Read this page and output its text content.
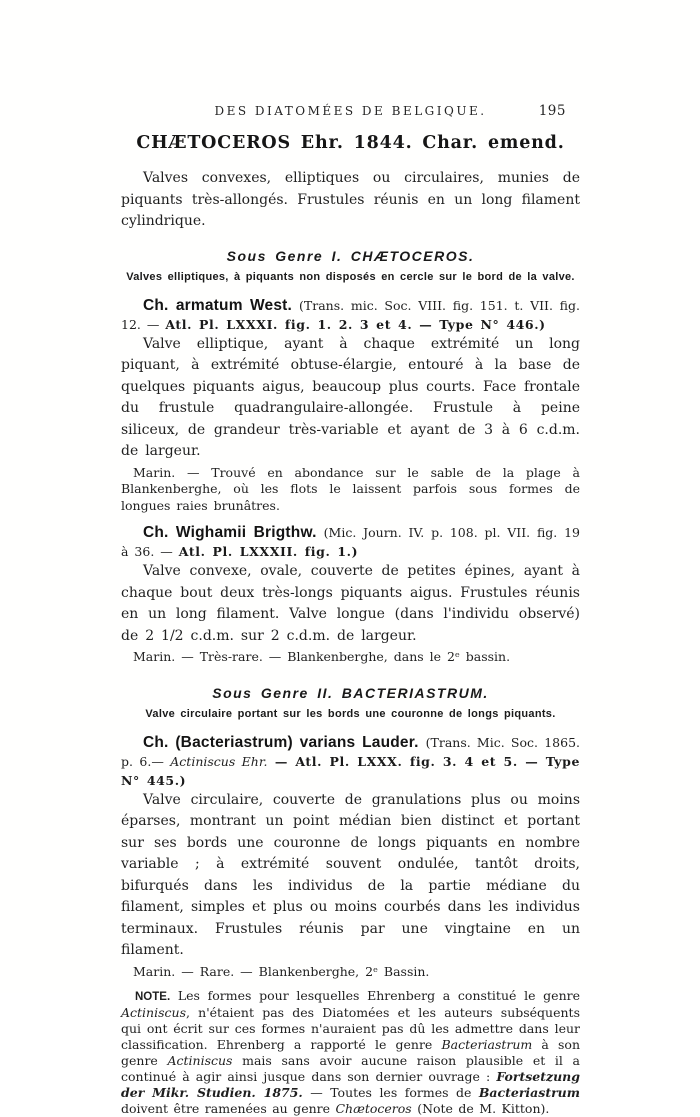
DES DIATOMÉES DE BELGIQUE.	195
CHÆTOCEROS Ehr. 1844. Char. emend.

Valves convexes, elliptiques ou circulaires, munies de piquants très-allongés. Frustules réunis en un long filament cylindrique.

Sous Genre I. CHÆTOCEROS.

Valves elliptiques, à piquants non disposés en cercle sur le bord de la valve.

Ch. armatum West. (Trans. mic. Soc. VIII. fig. 151. t. VII. fig. 12. — Atl. Pl. LXXXI. fig. 1. 2. 3 et 4. — Type N° 446.)

Valve elliptique, ayant à chaque extrémité un long piquant, à extrémité obtuse-élargie, entouré à la base de quelques piquants aigus, beaucoup plus courts. Face frontale du frustule quadrangulaire-allongée. Frustule à peine siliceux, de grandeur très-variable et ayant de 3 à 6 c.d.m. de largeur.

Marin. — Trouvé en abondance sur le sable de la plage à Blankenberghe, où les flots le laissent parfois sous formes de longues raies brunâtres.

Ch. Wighamii Brigthw. (Mic. Journ. IV. p. 108. pl. VII. fig. 19 à 36. — Atl. Pl. LXXXII. fig. 1.)

Valve convexe, ovale, couverte de petites épines, ayant à chaque bout deux très-longs piquants aigus. Frustules réunis en un long filament. Valve longue (dans l'individu observé) de 2 1/2 c.d.m. sur 2 c.d.m. de largeur.

Marin. — Très-rare. — Blankenberghe, dans le 2ᵉ bassin.

Sous Genre II. BACTERIASTRUM.

Valve circulaire portant sur les bords une couronne de longs piquants.

Ch. (Bacteriastrum) varians Lauder. (Trans. Mic. Soc. 1865. p. 6.— Actiniscus Ehr. — Atl. Pl. LXXX. fig. 3. 4 et 5. — Type N° 445.)

Valve circulaire, couverte de granulations plus ou moins éparses, montrant un point médian bien distinct et portant sur ses bords une couronne de longs piquants en nombre variable ; à extrémité souvent ondulée, tantôt droits, bifurqués dans les individus de la partie médiane du filament, simples et plus ou moins courbés dans les individus terminaux. Frustules réunis par une vingtaine en un filament.

Marin. — Rare. — Blankenberghe, 2ᵉ Bassin.

NOTE. Les formes pour lesquelles Ehrenberg a constitué le genre Actiniscus, n'étaient pas des Diatomées et les auteurs subséquents qui ont écrit sur ces formes n'auraient pas dû les admettre dans leur classification. Ehrenberg a rapporté le genre Bacteriastrum à son genre Actiniscus mais sans avoir aucune raison plausible et il a continué à agir ainsi jusque dans son dernier ouvrage : Fortsetzung der Mikr. Studien. 1875. — Toutes les formes de Bacteriastrum doivent être ramenées au genre Chætoceros (Note de M. Kitton).
